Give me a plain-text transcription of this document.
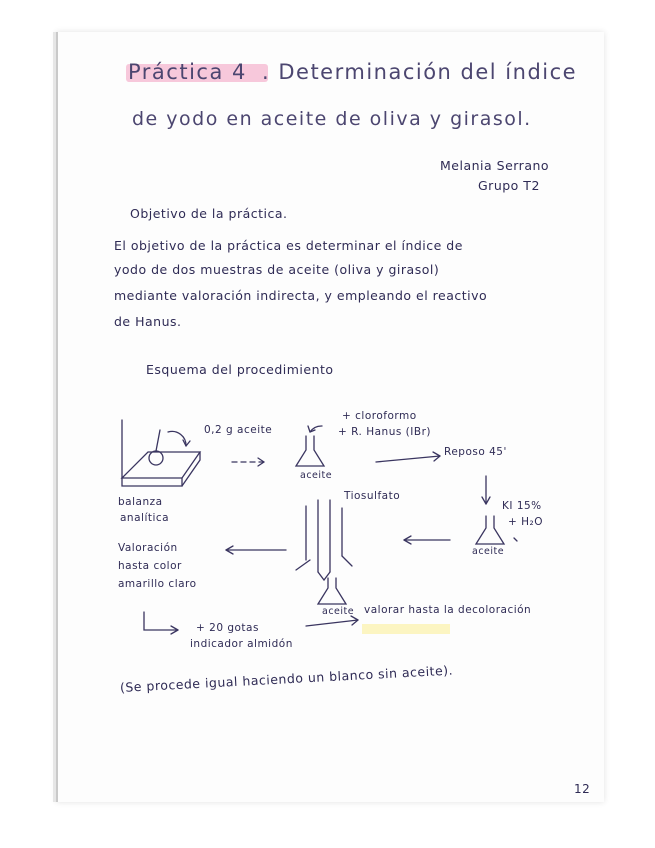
Práctica 4 . Determinación del índice
de yodo en aceite de oliva y girasol.
Melania Serrano
Grupo T2
Objetivo de la práctica.
El objetivo de la práctica es determinar el índice de
yodo de dos muestras de aceite (oliva y girasol)
mediante valoración indirecta, y empleando el reactivo
de Hanus.
Esquema del procedimiento
0,2 g aceite
+ cloroformo
+ R. Hanus (IBr)
aceite
Reposo 45'
balanza
analítica
Tiosulfato
KI 15%
+ H₂O
aceite
aceite
Valoración
hasta color
amarillo claro
+ 20 gotas
indicador almidón
valorar hasta la decoloración
(Se procede igual haciendo un blanco sin aceite).
12
